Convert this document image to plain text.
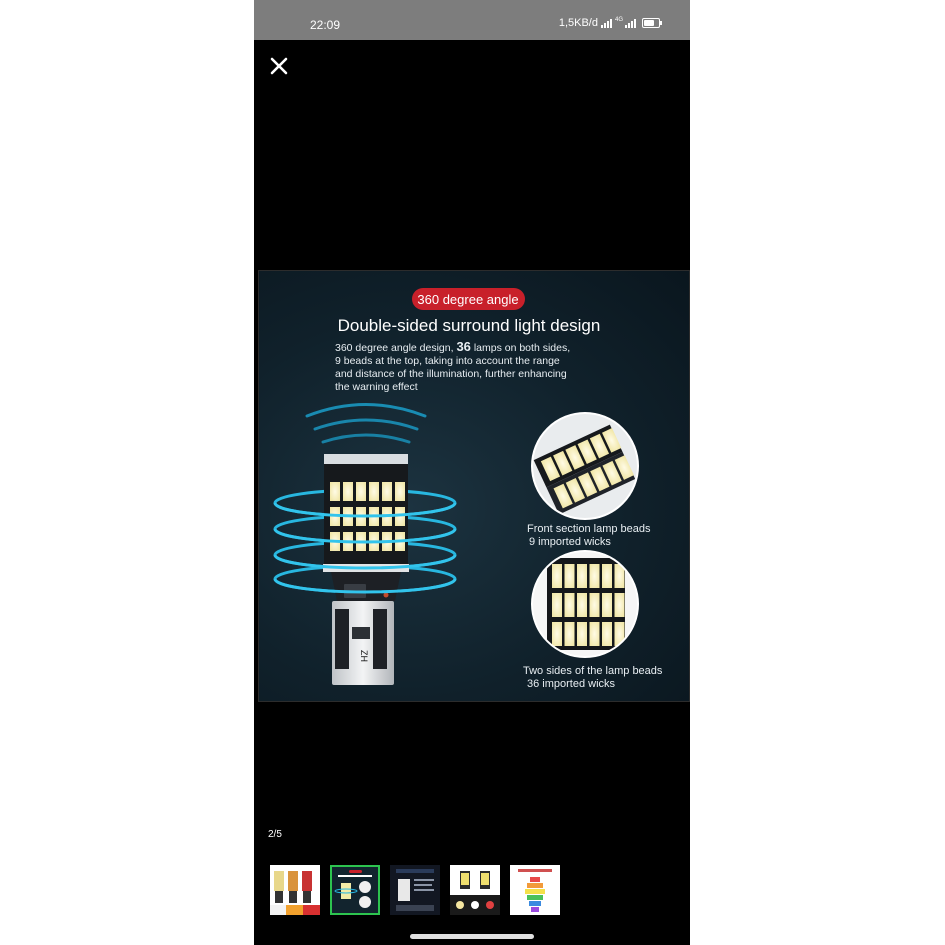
22:09	1,5KB/d	4G
360 degree angle
Double-sided surround light design
360 degree angle design, 36 lamps on both sides,
9 beads at the top, taking into account the range
and distance of the illumination, further enhancing
the warning effect
ZH
Front section lamp beads
9 imported wicks
Two sides of the lamp beads
36 imported wicks
2/5
